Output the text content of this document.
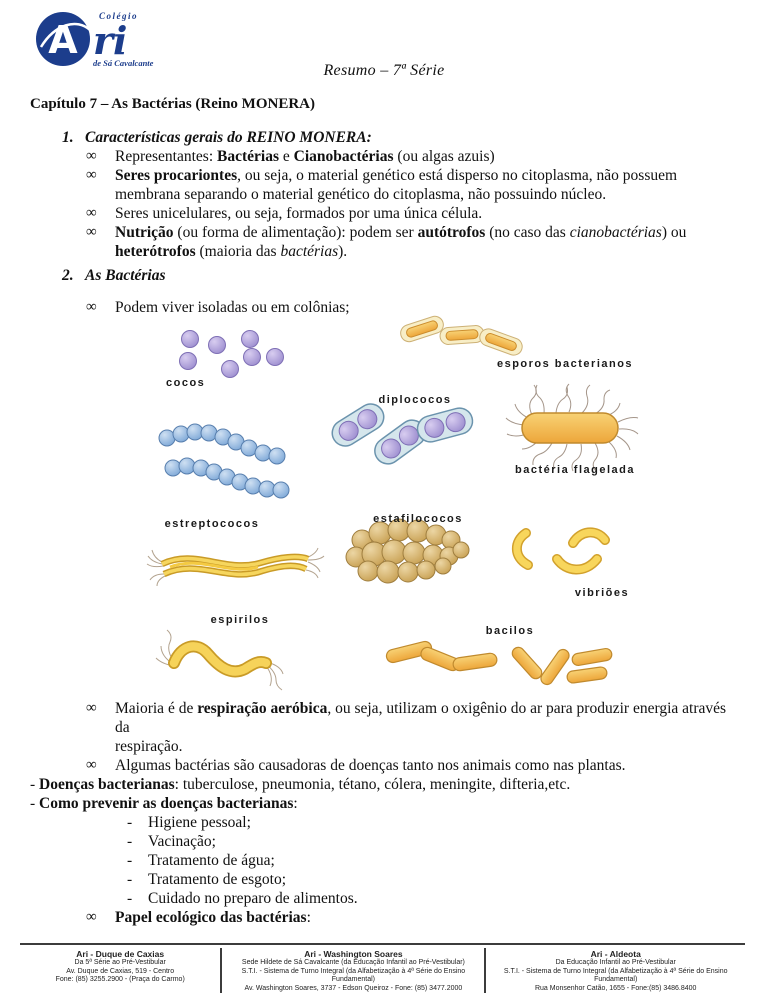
A
Colégio
ri
de Sá Cavalcante	Resumo – 7ª Série
Capítulo 7 – As Bactérias (Reino MONERA)
1. Características gerais do REINO MONERA:
∞	Representantes: Bactérias e Cianobactérias (ou algas azuis)
∞	Seres procariontes, ou seja, o material genético está disperso no citoplasma, não possuem
membrana separando o material genético do citoplasma, não possuindo núcleo.
∞	Seres unicelulares, ou seja, formados por uma única célula.
∞	Nutrição (ou forma de alimentação): podem ser autótrofos (no caso das cianobactérias) ou
heterótrofos (maioria das bactérias).
2. As Bactérias
∞	Podem viver isoladas ou em colônias;
cocos
esporos bacterianos
diplococos
bactéria flagelada
estreptococos	estafilococos
espirilos
vibriões
bacilos
∞	Maioria é de respiração aeróbica, ou seja, utilizam o oxigênio do ar para produzir energia através da
respiração.
∞	Algumas bactérias são causadoras de doenças tanto nos animais como nas plantas.
- Doenças bacterianas: tuberculose, pneumonia, tétano, cólera, meningite, difteria,etc.
- Como prevenir as doenças bacterianas:
-	Higiene pessoal;
-	Vacinação;
-	Tratamento de água;
-	Tratamento de esgoto;
-	Cuidado no preparo de alimentos.
∞	Papel ecológico das bactérias:
Ari - Duque de Caxias
Da 5ª Série ao Pré-Vestibular
Av. Duque de Caxias, 519 - Centro
Fone: (85) 3255.2900 - (Praça do Carmo)
Ari - Washington Soares
Sede Hildete de Sá Cavalcante (da Educação Infantil ao Pré-Vestibular)
S.T.I. - Sistema de Turno Integral (da Alfabetização à 4ª Série do Ensino Fundamental)
Av. Washington Soares, 3737 - Edson Queiroz - Fone: (85) 3477.2000
Ari - Aldeota
Da Educação Infantil ao Pré-Vestibular
S.T.I. - Sistema de Turno Integral (da Alfabetização à 4ª Série do Ensino Fundamental)
Rua Monsenhor Catão, 1655 - Fone:(85) 3486.8400
